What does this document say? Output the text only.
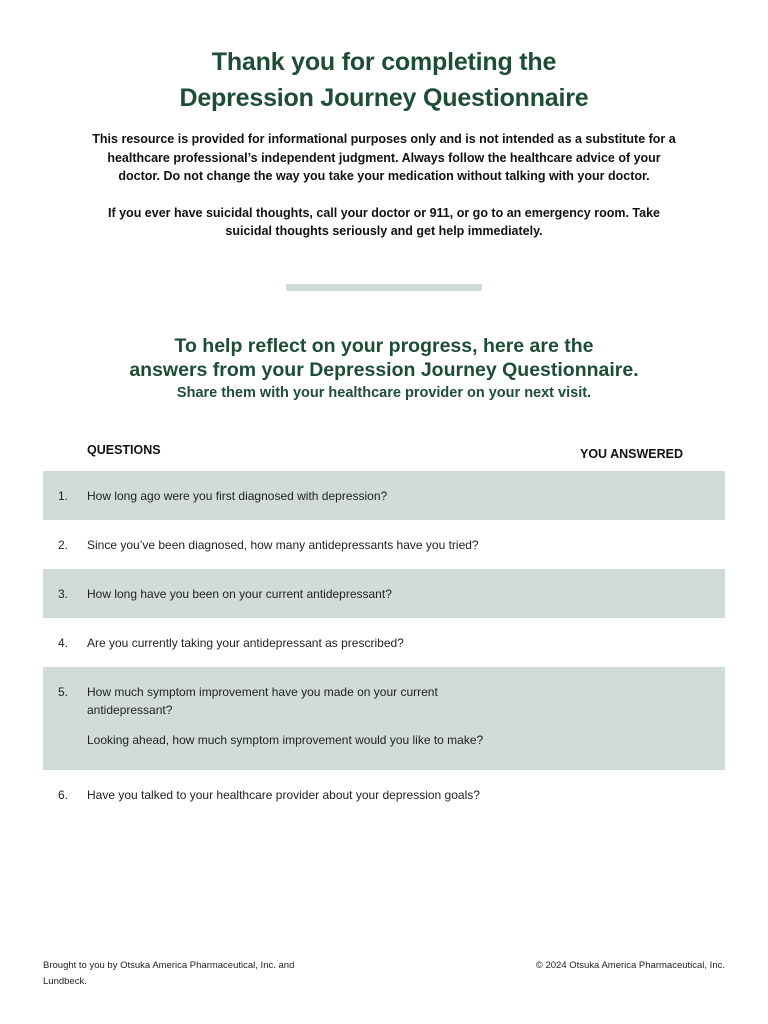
Thank you for completing the
Depression Journey Questionnaire

This resource is provided for informational purposes only and is not intended as a substitute for a healthcare professional’s independent judgment. Always follow the healthcare advice of your doctor. Do not change the way you take your medication without talking with your doctor.

If you ever have suicidal thoughts, call your doctor or 911, or go to an emergency room. Take suicidal thoughts seriously and get help immediately.

To help reflect on your progress, here are the
answers from your Depression Journey Questionnaire.
Share them with your healthcare provider on your next visit.
QUESTIONS	YOU ANSWERED
1. How long ago were you first diagnosed with depression?

2. Since you’ve been diagnosed, how many antidepressants have you tried?

3. How long have you been on your current antidepressant?

4. Are you currently taking your antidepressant as prescribed?

5. How much symptom improvement have you made on your current antidepressant?

Looking ahead, how much symptom improvement would you like to make?

6. Have you talked to your healthcare provider about your depression goals?

Brought to you by Otsuka America Pharmaceutical, Inc. and Lundbeck.
© 2024 Otsuka America Pharmaceutical, Inc.
